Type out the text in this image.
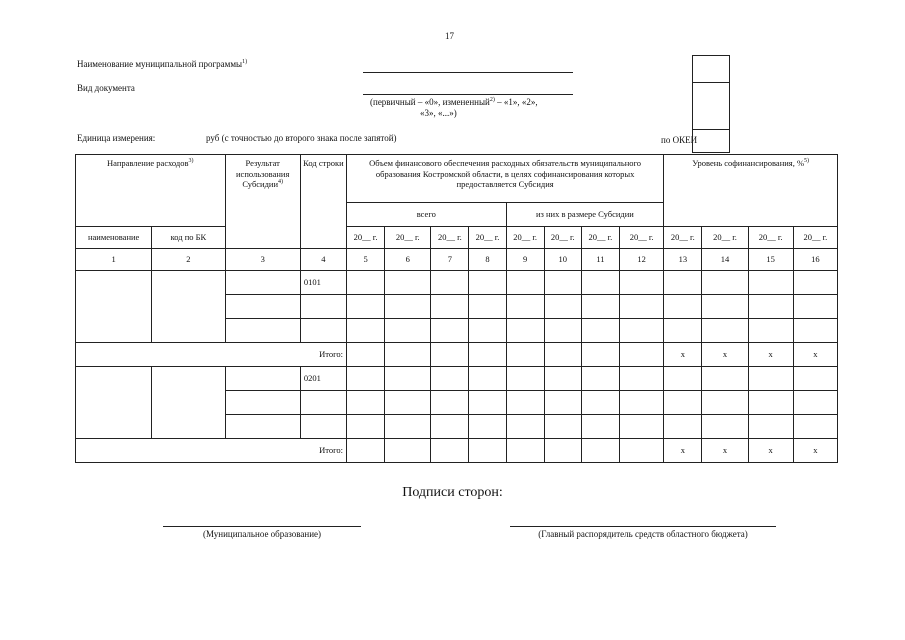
17
Наименование муниципальной программы$^{1)}$
Вид документа
(первичный – «0», измененный$^{2)}$ – «1», «2»,
«3», «...»)
Единица измерения:	руб (с точностью до второго знака после запятой)	по ОКЕИ
Направление расходов$^{3)}$		Результат использования Субсидии$^{4)}$	Код строки	Объем финансового обеспечения расходных обязательств муниципального образования Костромской области, в целях софинансирования которых предоставляется Субсидия								Уровень софинансирования, %$^{5)}$
				всего				из них в размере Субсидии							
наименование	код по БК			20__ г.	20__ г.	20__ г.	20__ г.	20__ г.	20__ г.	20__ г.	20__ г.	20__ г.	20__ г.	20__ г.	20__ г.
1	2	3	4	5	6	7	8	9	10	11	12	13	14	15	16
			0101												

Итого:												x	x	x	x
			0201												

Итого:												x	x	x	x
Подписи сторон:
(Муниципальное образование)	(Главный распорядитель средств областного бюджета)
